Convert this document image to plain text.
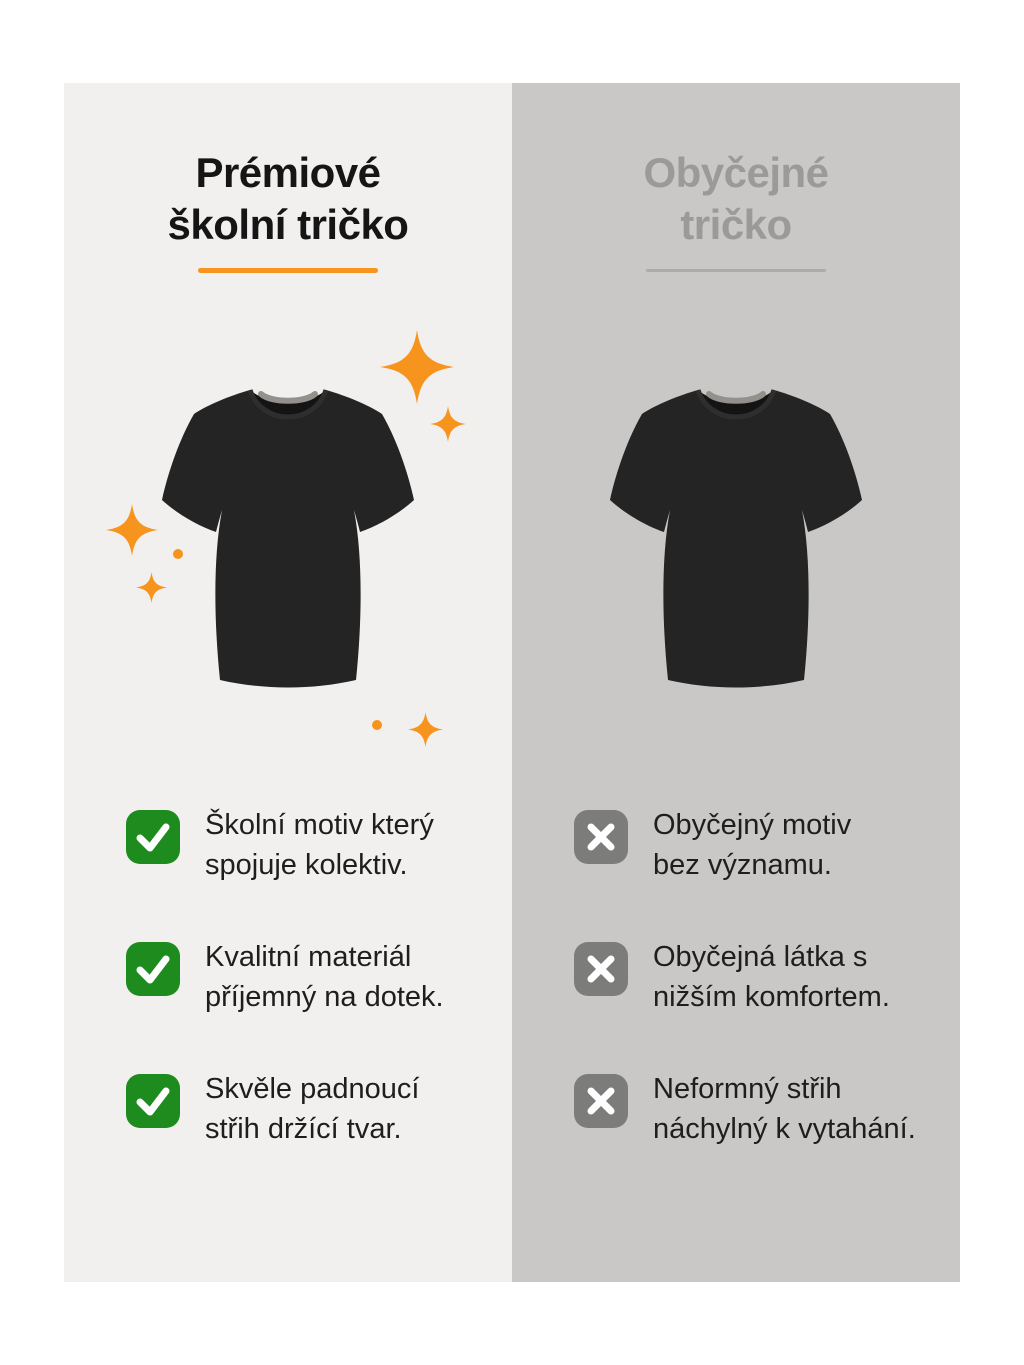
Prémiové
školní tričko

Školní motiv který
spojuje kolektiv.

Kvalitní materiál
příjemný na dotek.

Skvěle padnoucí
střih držící tvar.

Obyčejné
tričko

Obyčejný motiv
bez významu.

Obyčejná látka s
nižším komfortem.

Neformný střih
náchylný k vytahání.
